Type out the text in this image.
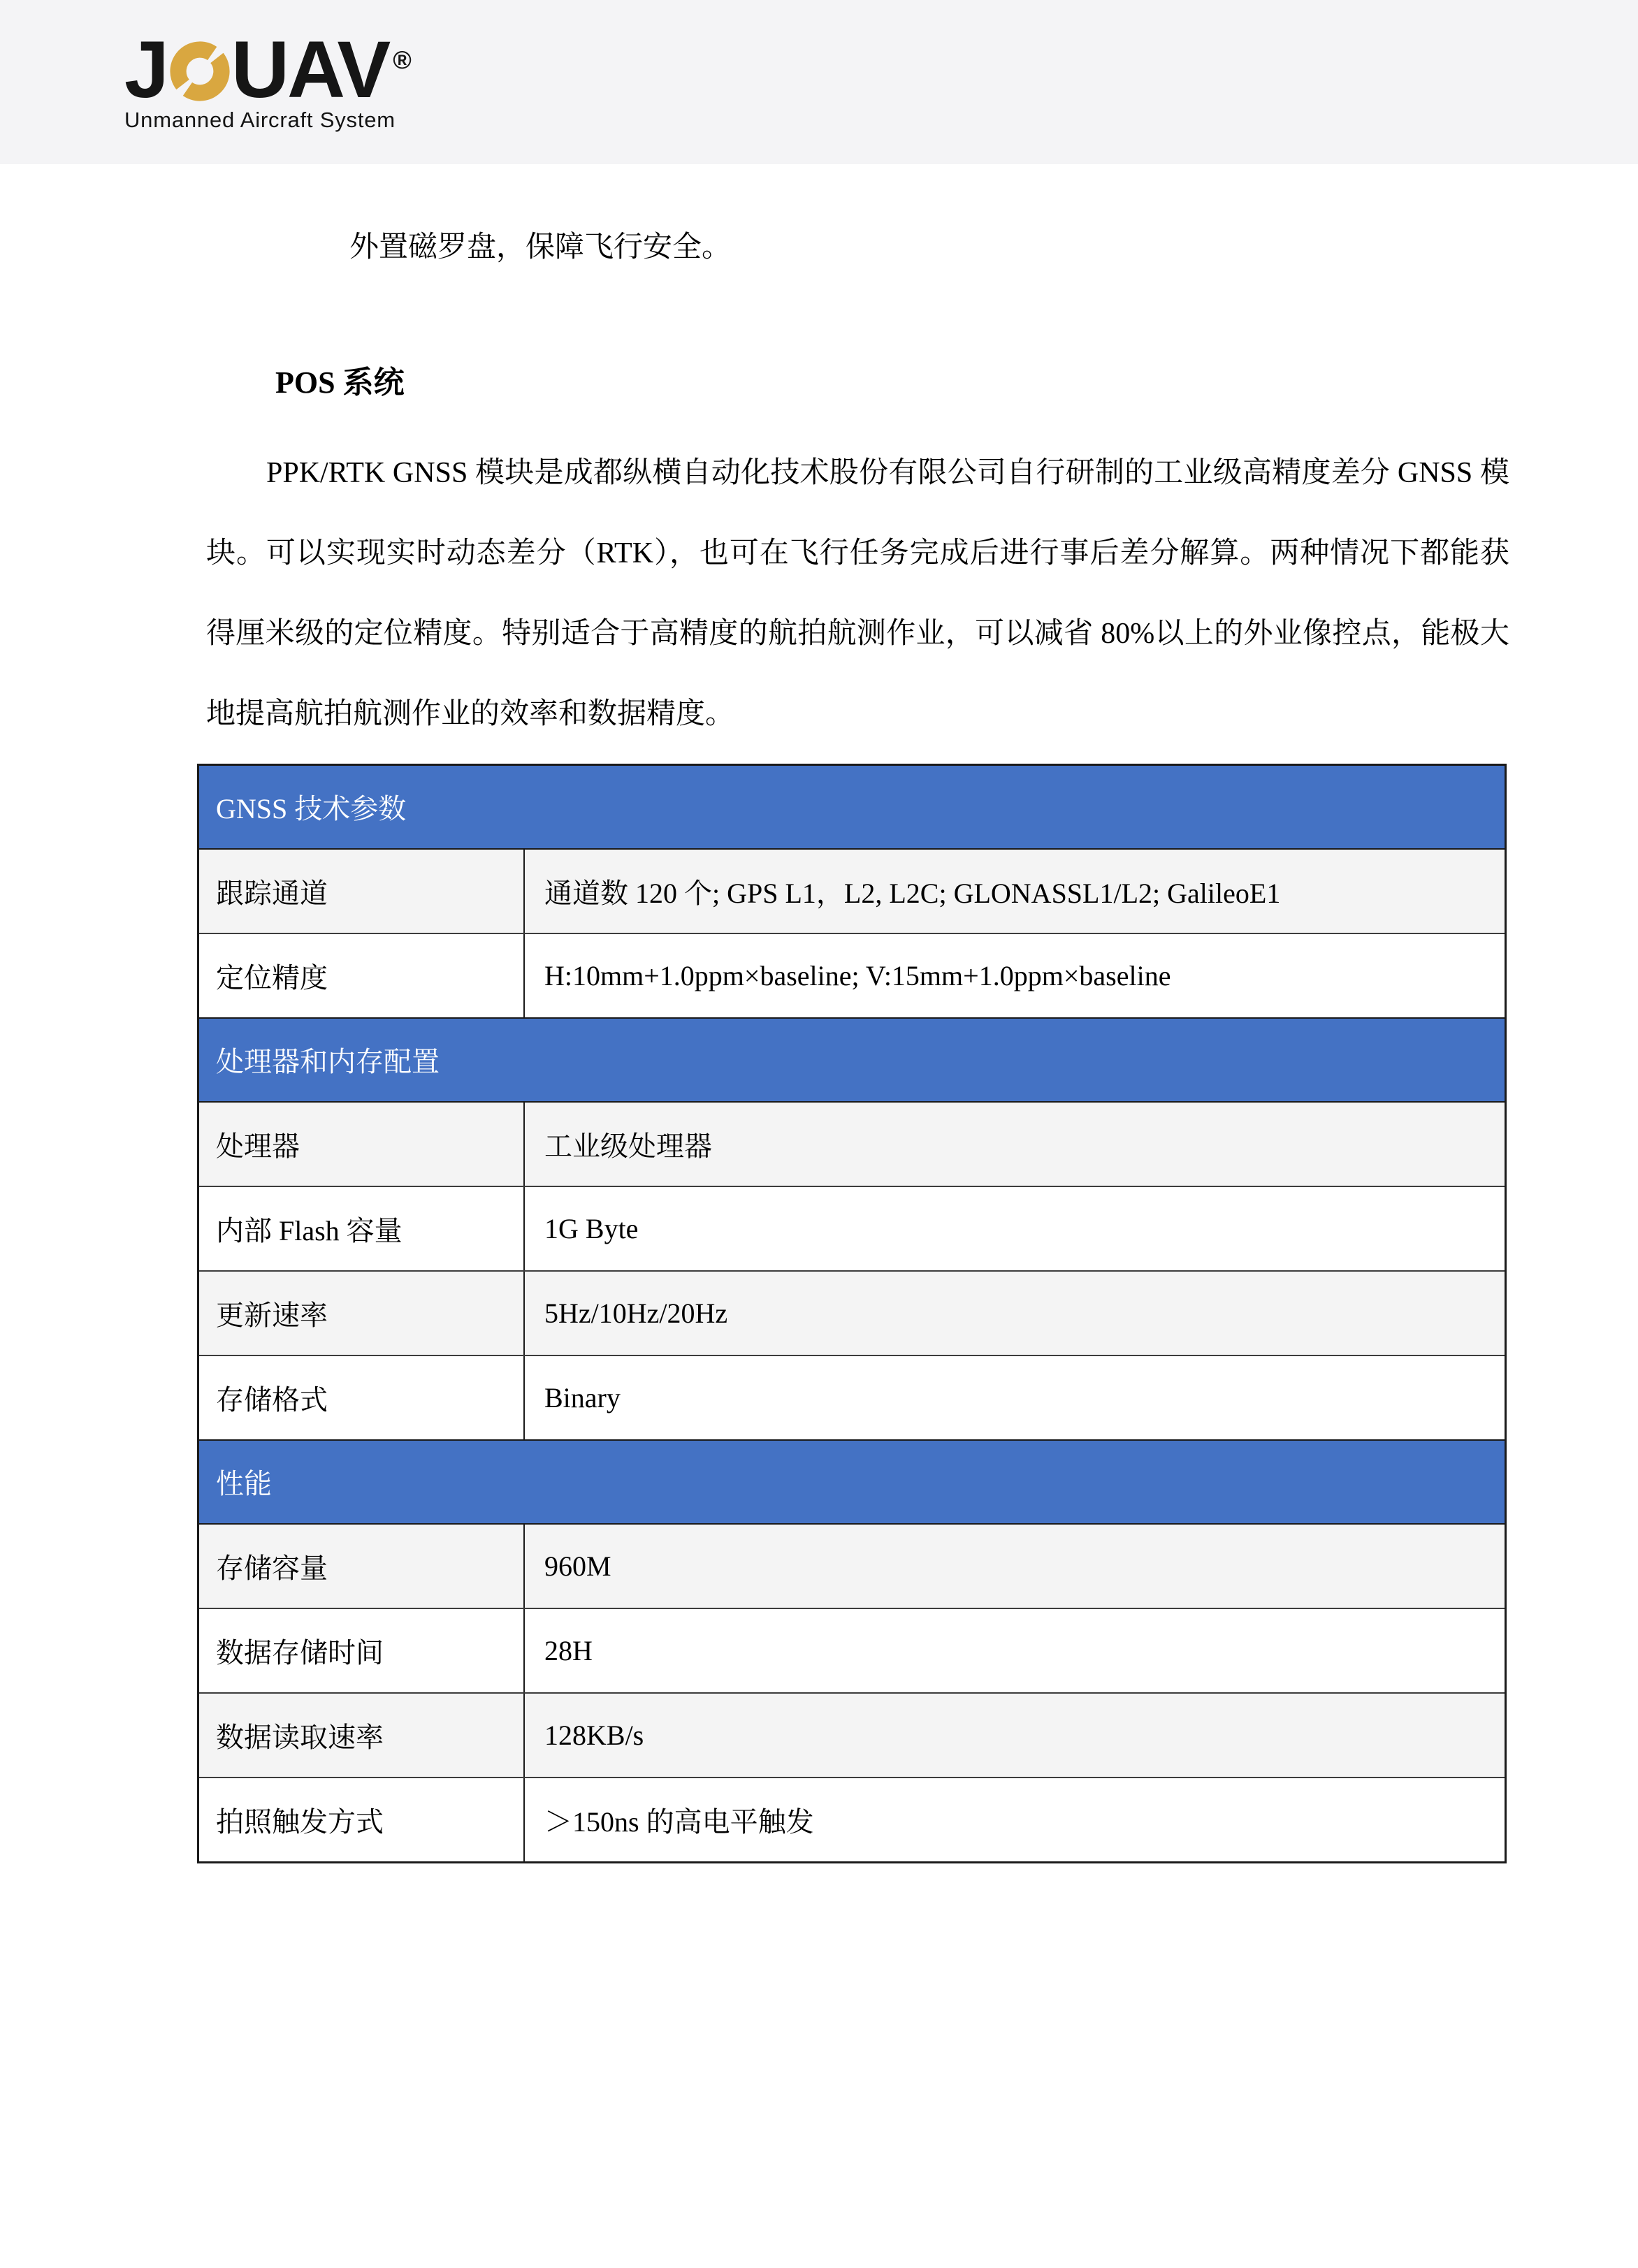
J UAV ®
Unmanned Aircraft System
外置磁罗盘，保障飞行安全。
POS 系统
PPK/RTK GNSS 模块是成都纵横自动化技术股份有限公司自行研制的工业级高精度差分 GNSS 模块。可以实现实时动态差分（RTK），也可在飞行任务完成后进行事后差分解算。两种情况下都能获得厘米级的定位精度。特别适合于高精度的航拍航测作业，可以减省 80%以上的外业像控点，能极大地提高航拍航测作业的效率和数据精度。
GNSS 技术参数
跟踪通道	通道数 120 个; GPS L1，L2, L2C; GLONASSL1/L2; GalileoE1
定位精度	H:10mm+1.0ppm×baseline; V:15mm+1.0ppm×baseline
处理器和内存配置
处理器	工业级处理器
内部 Flash 容量	1G Byte
更新速率	5Hz/10Hz/20Hz
存储格式	Binary
性能
存储容量	960M
数据存储时间	28H
数据读取速率	128KB/s
拍照触发方式	＞150ns 的高电平触发
